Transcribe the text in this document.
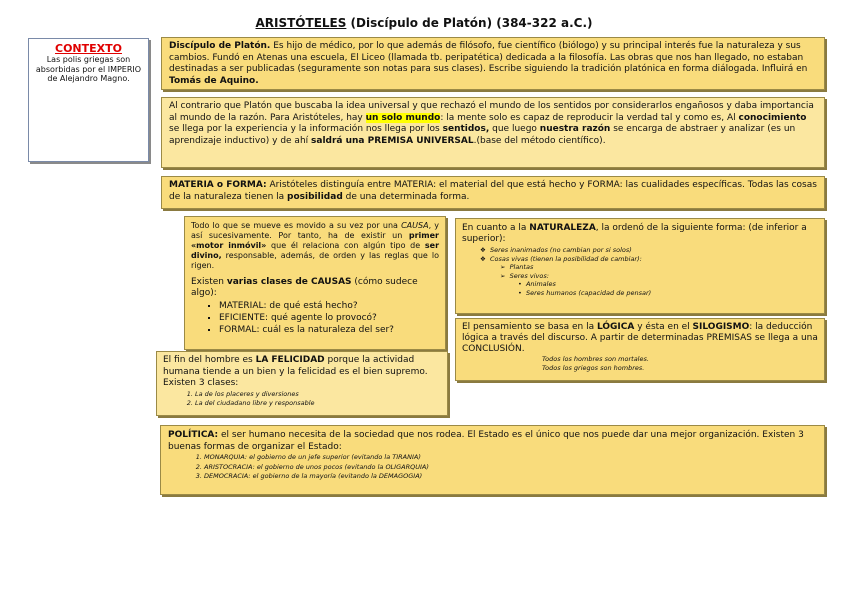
ARISTÓTELES (Discípulo de Platón) (384-322 a.C.)
CONTEXTO
Las polis griegas son absorbidas por el IMPERIO de Alejandro Magno.

Discípulo de Platón. Es hijo de médico, por lo que además de filósofo, fue científico (biólogo) y su principal interés fue la naturaleza y sus cambios. Fundó en Atenas una escuela, El Liceo (llamada tb. peripatética) dedicada a la filosofía. Las obras que nos han llegado, no estaban destinadas a ser publicadas (seguramente son notas para sus clases). Escribe siguiendo la tradición platónica en forma diálogada. Influirá en Tomás de Aquino.

Al contrario que Platón que buscaba la idea universal y que rechazó el mundo de los sentidos por considerarlos engañosos y daba importancia al mundo de la razón. Para Aristóteles, hay un solo mundo: la mente solo es capaz de reproducir la verdad tal y como es, Al conocimiento se llega por la experiencia y la información nos llega por los sentidos, que luego nuestra razón se encarga de abstraer y analizar (es un aprendizaje inductivo) y de ahí saldrá una PREMISA UNIVERSAL.(base del método científico).

MATERIA o FORMA: Aristóteles distinguía entre MATERIA: el material del que está hecho y FORMA: las cualidades específicas. Todas las cosas de la naturaleza tienen la posibilidad de una determinada forma.

Todo lo que se mueve es movido a su vez por una CAUSA, y así sucesivamente. Por tanto, ha de existir un primer «motor inmóvil» que él relaciona con algún tipo de ser divino, responsable, además, de orden y las reglas que lo rigen.

Existen varias clases de CAUSAS (cómo sudece algo):

▪ MATERIAL: de qué está hecho?
▪ EFICIENTE: qué agente lo provocó?
▪ FORMAL: cuál es la naturaleza del ser?

En cuanto a la NATURALEZA, la ordenó de la siguiente forma: (de inferior a superior):

❖  Seres inanimados (no cambian por si solos)
❖  Cosas vivas (tienen la posibilidad de cambiar):
➢  Plantas
➢  Seres vivos:
•  Animales
•  Seres humanos (capacidad de pensar)

El pensamiento se basa en la LÓGICA y ésta en el SILOGISMO: la deducción lógica a través del discurso. A partir de determinadas PREMISAS se llega a una CONCLUSIÓN.

Todos los hombres son mortales.
Todos los griegos son hombres.

El fin del hombre es LA FELICIDAD porque la actividad humana tiende a un bien y la felicidad es el bien supremo. Existen 3 clases:

1. La de los placeres y diversiones
2. La del ciudadano libre y responsable

POLÍTICA: el ser humano necesita de la sociedad que nos rodea. El Estado es el único que nos puede dar una mejor organización. Existen 3 buenas formas de organizar el Estado:

1. MONARQUIA: el gobierno de un jefe superior (evitando la TIRANIA)
2. ARISTOCRACIA: el gobierno de unos pocos (evitando la OLIGARQUIA)
3. DEMOCRACIA: el gobierno de la mayoría (evitando la DEMAGOGIA)
